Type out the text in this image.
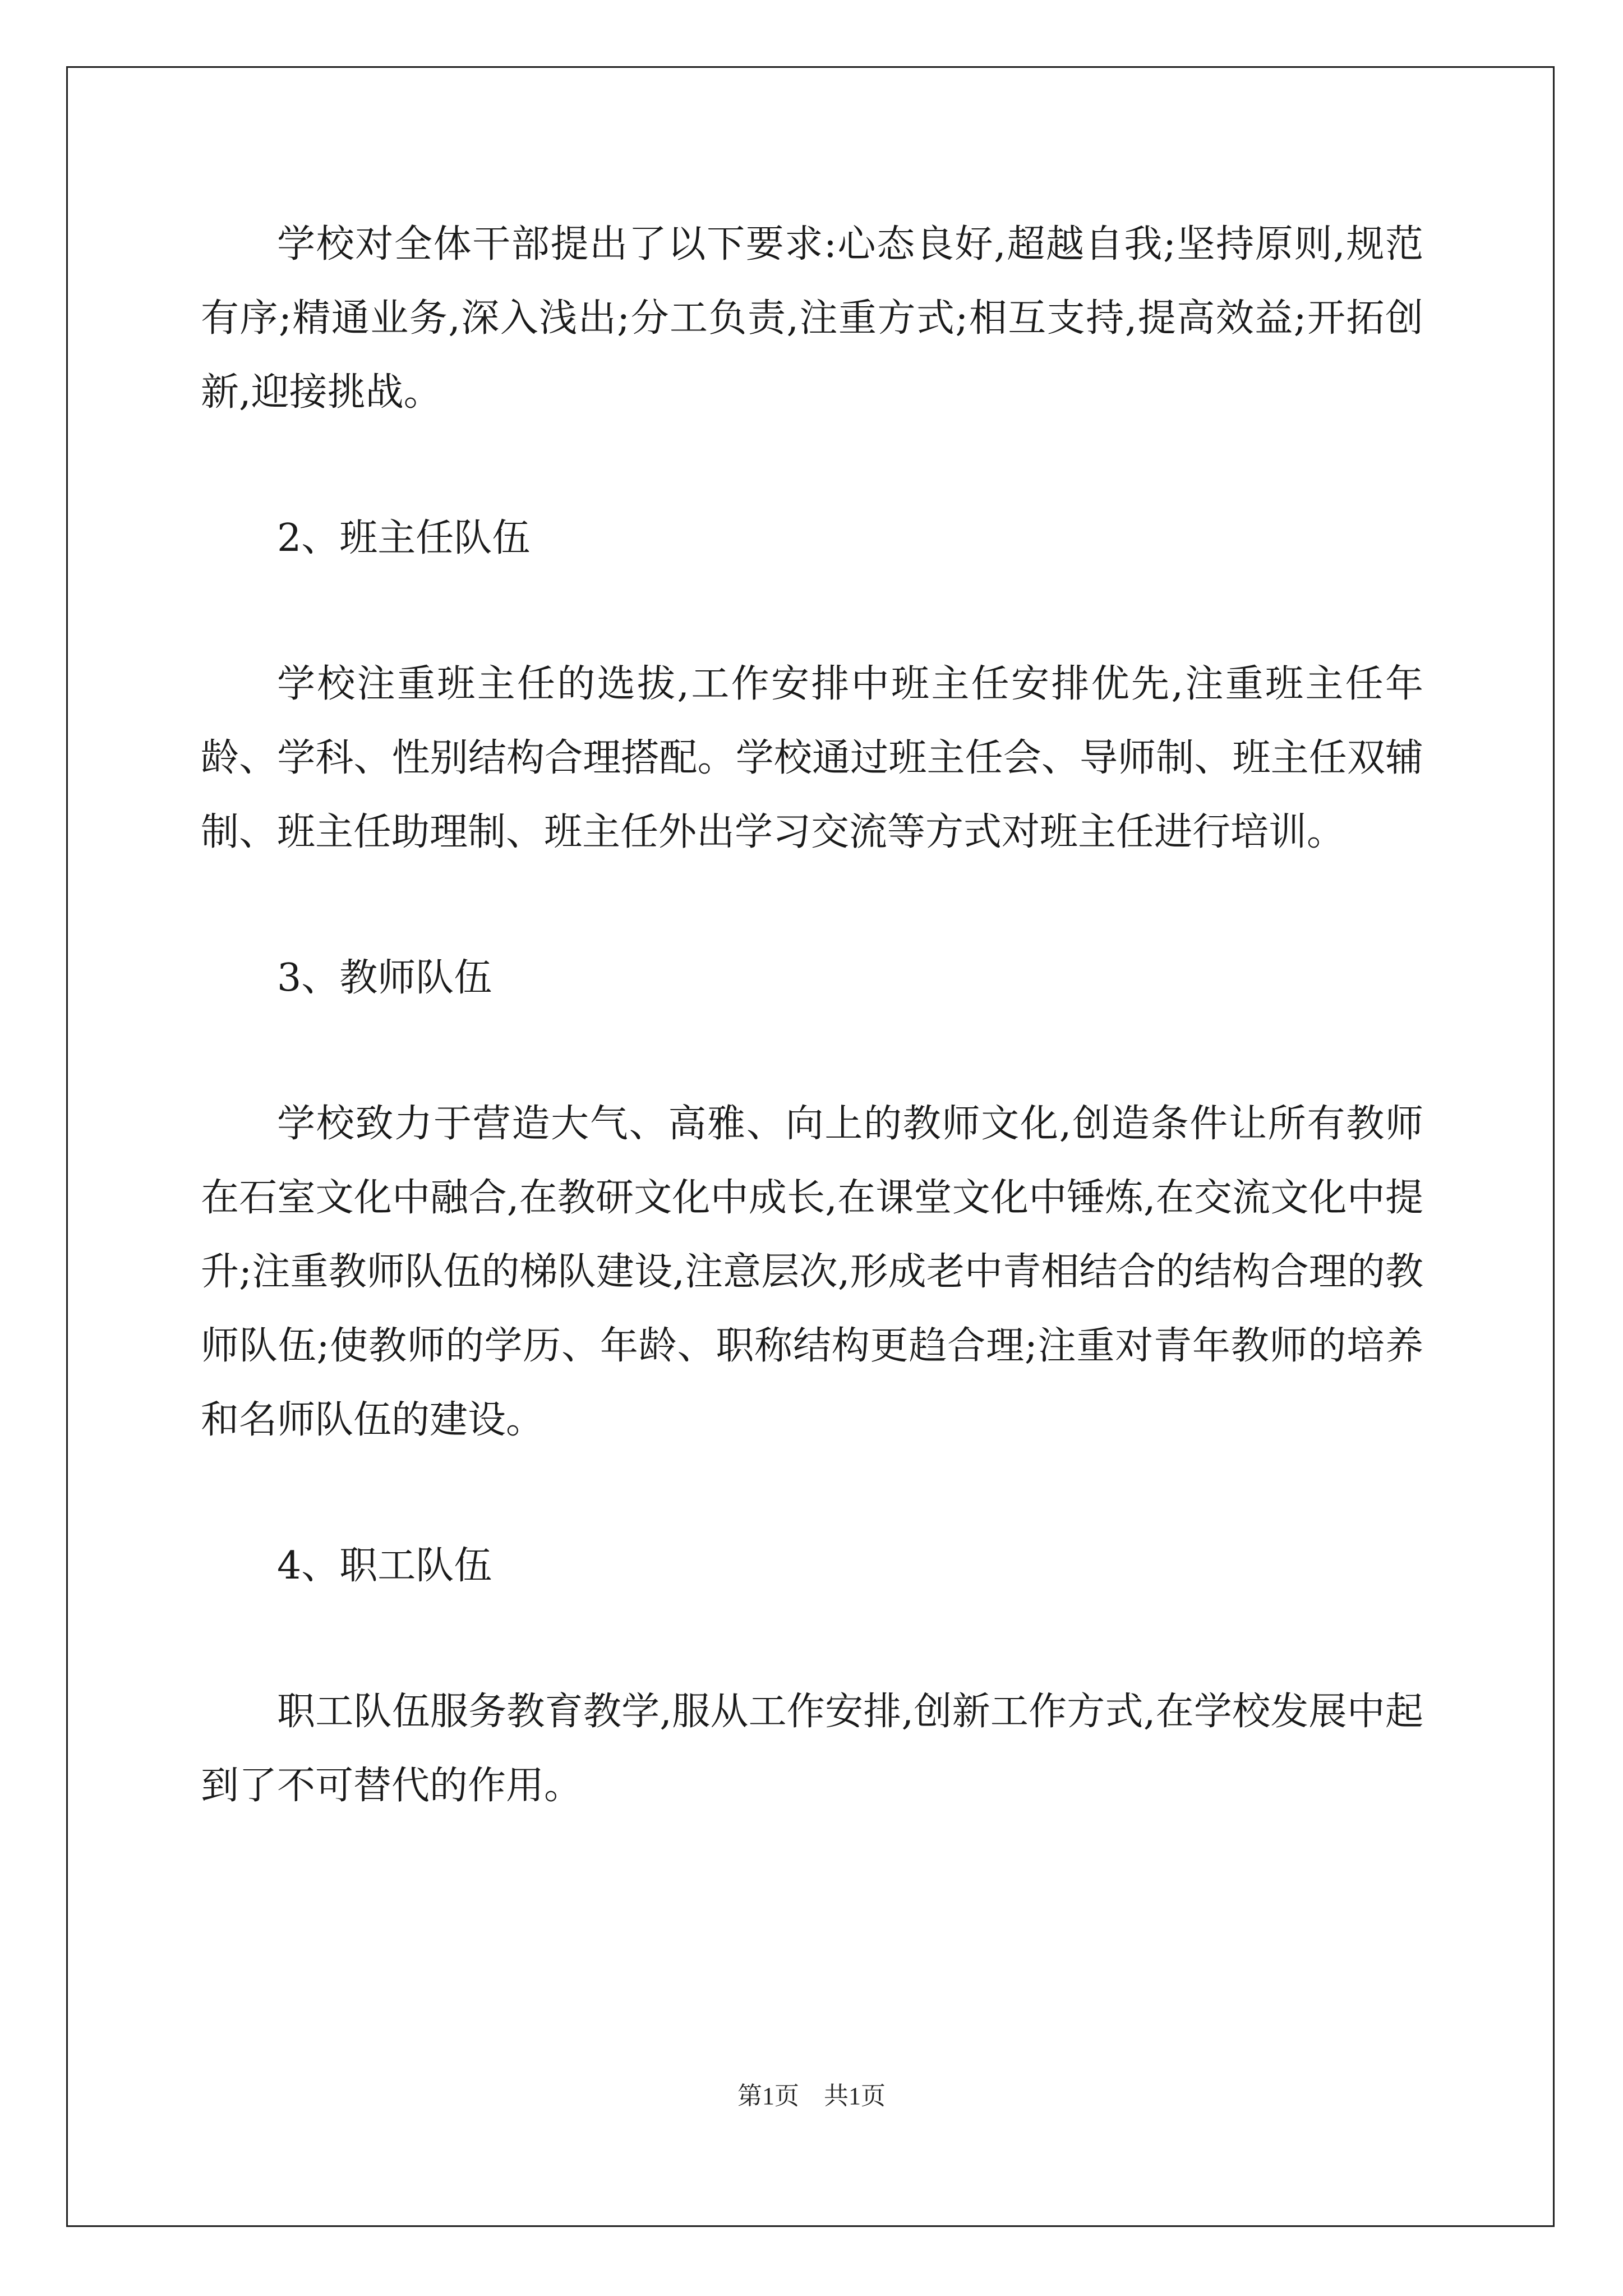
学校对全体干部提出了以下要求:心态良好,超越自我;坚持原则,规范有序;精通业务,深入浅出;分工负责,注重方式;相互支持,提高效益;开拓创新,迎接挑战。

2、班主任队伍

学校注重班主任的选拔,工作安排中班主任安排优先,注重班主任年龄、学科、性别结构合理搭配。学校通过班主任会、导师制、班主任双辅制、班主任助理制、班主任外出学习交流等方式对班主任进行培训。

3、教师队伍

学校致力于营造大气、高雅、向上的教师文化,创造条件让所有教师在石室文化中融合,在教研文化中成长,在课堂文化中锤炼,在交流文化中提升;注重教师队伍的梯队建设,注意层次,形成老中青相结合的结构合理的教师队伍;使教师的学历、年龄、职称结构更趋合理;注重对青年教师的培养和名师队伍的建设。

4、职工队伍

职工队伍服务教育教学,服从工作安排,创新工作方式,在学校发展中起到了不可替代的作用。

第1页 共1页
